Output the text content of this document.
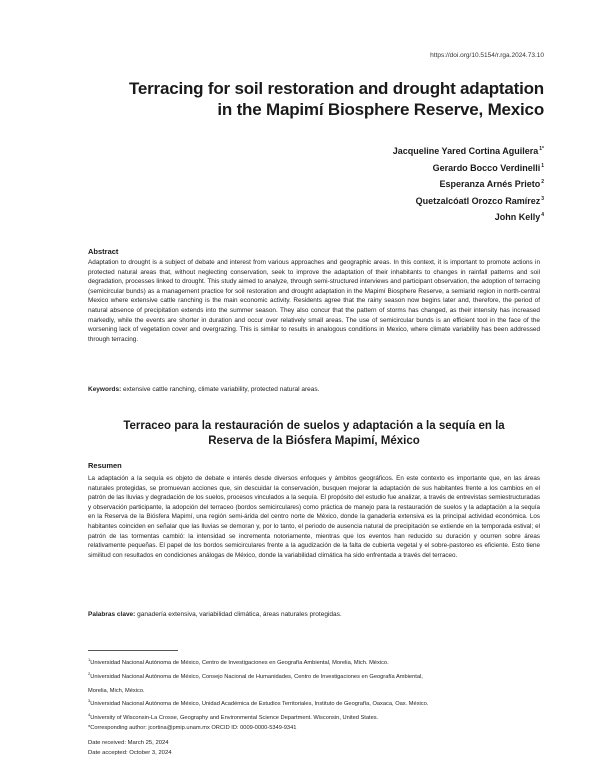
https://doi.org/10.5154/r.rga.2024.73.10
Terracing for soil restoration and drought adaptation
in the Mapimí Biosphere Reserve, Mexico
Jacqueline Yared Cortina Aguilera$^{1*}$
Gerardo Bocco Verdinelli$^1$
Esperanza Arnés Prieto$^2$
Quetzalcóatl Orozco Ramírez$^3$
John Kelly$^4$
Abstract

Adaptation to drought is a subject of debate and interest from various approaches and geographic areas. In this context, it is important to promote actions in protected natural areas that, without neglecting conservation, seek to improve the adaptation of their inhabitants to changes in rainfall patterns and soil degradation, processes linked to drought. This study aimed to analyze, through semi-structured interviews and participant observation, the adoption of terracing (semicircular bunds) as a management practice for soil restoration and drought adaptation in the Mapimí Biosphere Reserve, a semiarid region in north-central Mexico where extensive cattle ranching is the main economic activity. Residents agree that the rainy season now begins later and, therefore, the period of natural absence of precipitation extends into the summer season. They also concur that the pattern of storms has changed, as their intensity has increased markedly, while the events are shorter in duration and occur over relatively small areas. The use of semicircular bunds is an efficient tool in the face of the worsening lack of vegetation cover and overgrazing. This is similar to results in analogous conditions in Mexico, where climate variability has been addressed through terracing.

Keywords: extensive cattle ranching, climate variability, protected natural areas.
Terraceo para la restauración de suelos y adaptación a la sequía en la
Reserva de la Biósfera Mapimí, México
Resumen

La adaptación a la sequía es objeto de debate e interés desde diversos enfoques y ámbitos geográficos. En este contexto es importante que, en las áreas naturales protegidas, se promuevan acciones que, sin descuidar la conservación, busquen mejorar la adaptación de sus habitantes frente a los cambios en el patrón de las lluvias y degradación de los suelos, procesos vinculados a la sequía. El propósito del estudio fue analizar, a través de entrevistas semiestructuradas y observación participante, la adopción del terraceo (bordos semicirculares) como práctica de manejo para la restauración de suelos y la adaptación a la sequía en la Reserva de la Biósfera Mapimí, una región semi-árida del centro norte de México, donde la ganadería extensiva es la principal actividad económica. Los habitantes coinciden en señalar que las lluvias se demoran y, por lo tanto, el periodo de ausencia natural de precipitación se extiende en la temporada estival; el patrón de las tormentas cambió: la intensidad se incrementa notoriamente, mientras que los eventos han reducido su duración y ocurren sobre áreas relativamente pequeñas. El papel de los bordos semicirculares frente a la agudización de la falta de cubierta vegetal y el sobre-pastoreo es eficiente. Esto tiene similitud con resultados en condiciones análogas de México, donde la variabilidad climática ha sido enfrentada a través del terraceo.

Palabras clave: ganadería extensiva, variabilidad climática, áreas naturales protegidas.
$^1$Universidad Nacional Autónoma de México, Centro de Investigaciones en Geografía Ambiental, Morelia, Mich. México.
$^2$Universidad Nacional Autónoma de México, Consejo Nacional de Humanidades, Centro de Investigaciones en Geografía Ambiental,
Morelia, Mich, México.
$^3$Universidad Nacional Autónoma de México, Unidad Académica de Estudios Territoriales, Instituto de Geografía, Oaxaca, Oax. México.
$^4$University of Wisconsin-La Crosse, Geography and Environmental Science Department. Wisconsin, United States.
*Corresponding author: jcortina@pmip.unam.mx ORCID ID: 0009-0000-5349-9341
Date received: March 25, 2024
Date accepted: October 3, 2024
